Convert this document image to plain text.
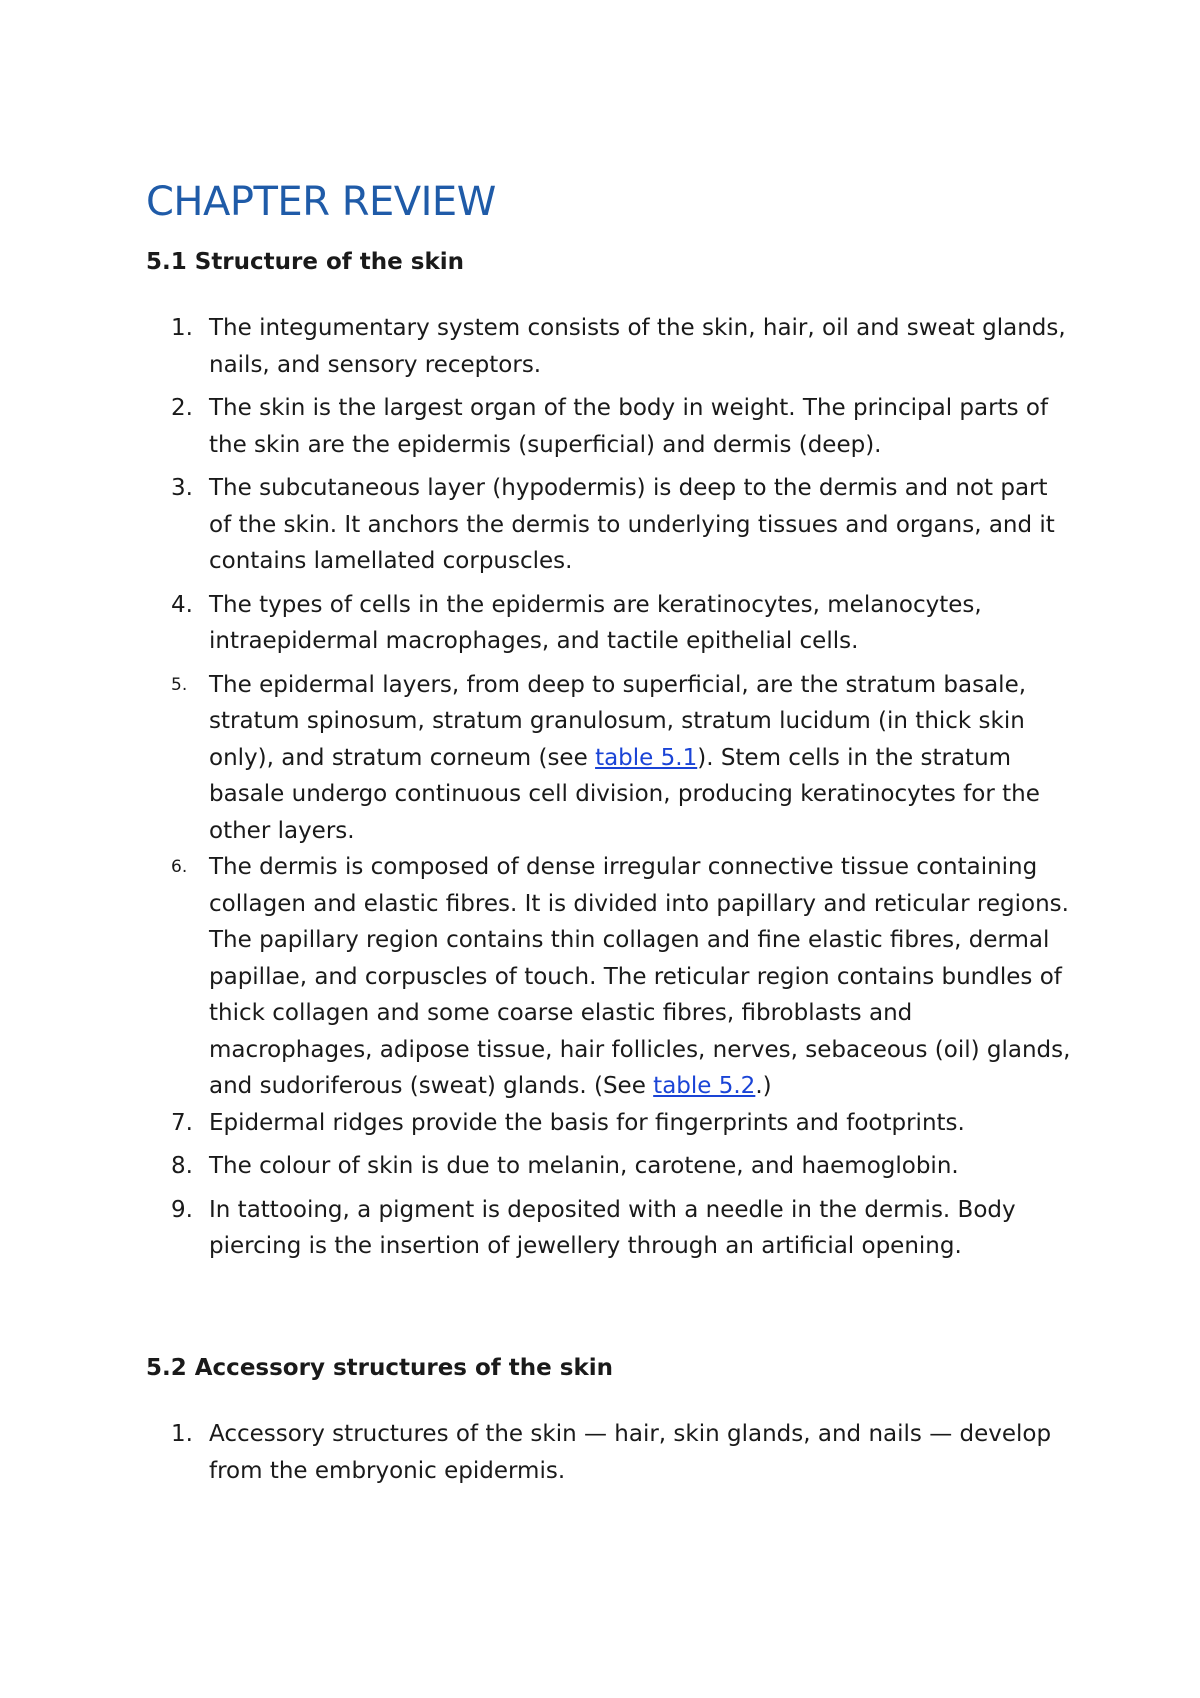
CHAPTER REVIEW
5.1 Structure of the skin
1. The integumentary system consists of the skin, hair, oil and sweat glands, nails, and sensory receptors.
2. The skin is the largest organ of the body in weight. The principal parts of the skin are the epidermis (superficial) and dermis (deep).
3. The subcutaneous layer (hypodermis) is deep to the dermis and not part of the skin. It anchors the dermis to underlying tissues and organs, and it contains lamellated corpuscles.
4. The types of cells in the epidermis are keratinocytes, melanocytes, intraepidermal macrophages, and tactile epithelial cells.
5. The epidermal layers, from deep to superficial, are the stratum basale, stratum spinosum, stratum granulosum, stratum lucidum (in thick skin only), and stratum corneum (see table 5.1). Stem cells in the stratum basale undergo continuous cell division, producing keratinocytes for the other layers.
6. The dermis is composed of dense irregular connective tissue containing collagen and elastic fibres. It is divided into papillary and reticular regions. The papillary region contains thin collagen and fine elastic fibres, dermal papillae, and corpuscles of touch. The reticular region contains bundles of thick collagen and some coarse elastic fibres, fibroblasts and macrophages, adipose tissue, hair follicles, nerves, sebaceous (oil) glands, and sudoriferous (sweat) glands. (See table 5.2.)
7. Epidermal ridges provide the basis for fingerprints and footprints.
8. The colour of skin is due to melanin, carotene, and haemoglobin.
9. In tattooing, a pigment is deposited with a needle in the dermis. Body piercing is the insertion of jewellery through an artificial opening.
5.2 Accessory structures of the skin
1. Accessory structures of the skin — hair, skin glands, and nails — develop from the embryonic epidermis.
